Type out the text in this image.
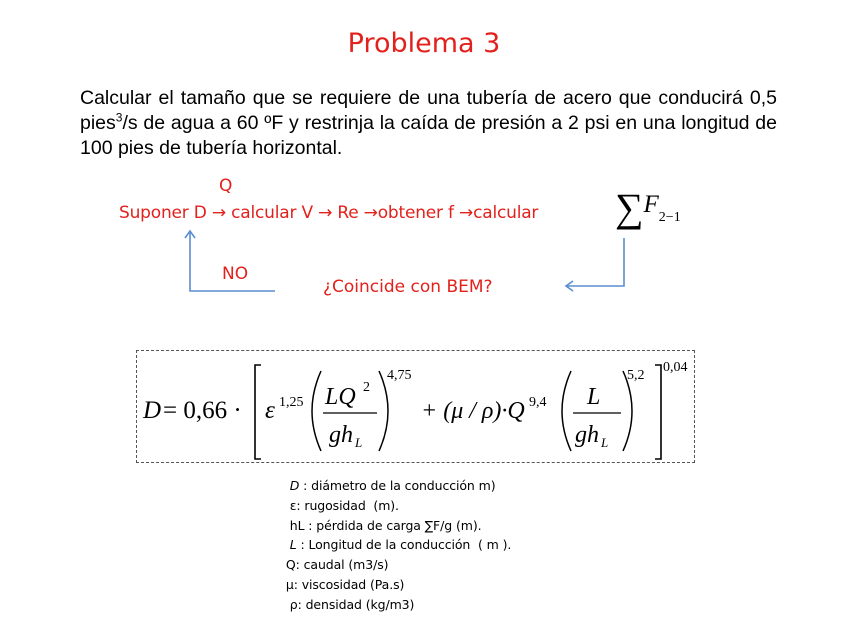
Problema 3
Calcular el tamaño que se requiere de una tubería de acero que conducirá 0,5 pies$^3$/s de agua a 60 ºF y restrinja la caída de presión a 2 psi en una longitud de 100 pies de tubería horizontal.
Q
Suponer D → calcular V → Re →obtener f →calcular ∑F2−1
NO
¿Coincide con BEM?
D = 0,66 · ε 1,25 LQ 2
gh L
4,75
+ (μ / ρ)·Q 9,4 L
gh L
5,2
0,04
D : diámetro de la conducción m)
ε: rugosidad  (m).
hL : pérdida de carga ∑F/g (m).
L : Longitud de la conducción  ( m ).
Q: caudal (m3/s)
μ: viscosidad (Pa.s)
ρ: densidad (kg/m3)
